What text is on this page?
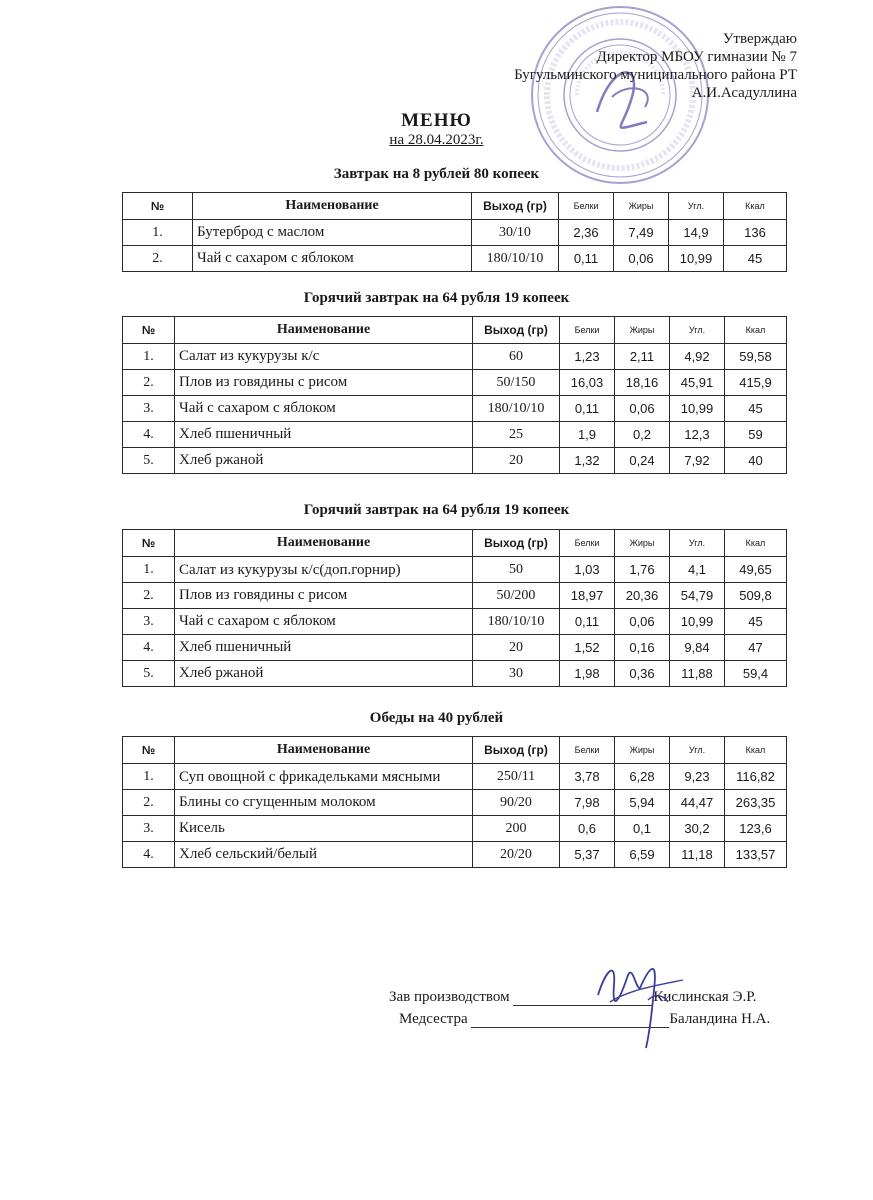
Утверждаю
Директор МБОУ гимназии № 7
Бугульминского муниципального района РТ
А.И.Асадуллина
МЕНЮ
на 28.04.2023г.
Завтрак на 8 рублей 80 копеек
№	Наименование	Выход (гр)	Белки	Жиры	Угл.	Ккал
1.	Бутерброд с маслом	30/10	2,36	7,49	14,9	136
2.	Чай с сахаром с яблоком	180/10/10	0,11	0,06	10,99	45
Горячий завтрак на 64 рубля 19 копеек
№	Наименование	Выход (гр)	Белки	Жиры	Угл.	Ккал
1.	Салат из кукурузы к/с	60	1,23	2,11	4,92	59,58
2.	Плов из говядины с рисом	50/150	16,03	18,16	45,91	415,9
3.	Чай с сахаром с яблоком	180/10/10	0,11	0,06	10,99	45
4.	Хлеб пшеничный	25	1,9	0,2	12,3	59
5.	Хлеб ржаной	20	1,32	0,24	7,92	40
Горячий завтрак на 64 рубля 19 копеек
№	Наименование	Выход (гр)	Белки	Жиры	Угл.	Ккал
1.	Салат из кукурузы к/с(доп.горнир)	50	1,03	1,76	4,1	49,65
2.	Плов из говядины с рисом	50/200	18,97	20,36	54,79	509,8
3.	Чай с сахаром с яблоком	180/10/10	0,11	0,06	10,99	45
4.	Хлеб пшеничный	20	1,52	0,16	9,84	47
5.	Хлеб ржаной	30	1,98	0,36	11,88	59,4
Обеды на 40 рублей
№	Наименование	Выход (гр)	Белки	Жиры	Угл.	Ккал
1.	Суп овощной с фрикадельками мясными	250/11	3,78	6,28	9,23	116,82
2.	Блины со сгущенным молоком	90/20	7,98	5,94	44,47	263,35
3.	Кисель	200	0,6	0,1	30,2	123,6
4.	Хлеб сельский/белый	20/20	5,37	6,59	11,18	133,57
Зав производством	Кислинская Э.Р.
Медсестра	Баландина Н.А.
